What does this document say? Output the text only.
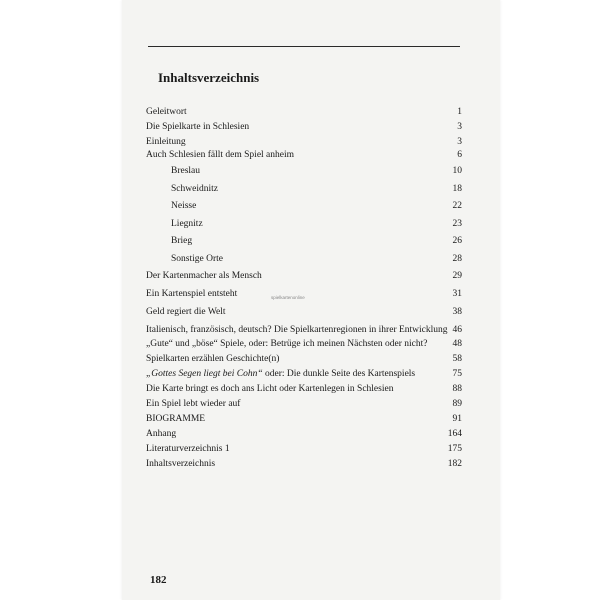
Inhaltsverzeichnis
Geleitwort	1
Die Spielkarte in Schlesien	3
Einleitung	3
Auch Schlesien fällt dem Spiel anheim	6
Breslau	10
Schweidnitz	18
Neisse	22
Liegnitz	23
Brieg	26
Sonstige Orte	28
Der Kartenmacher als Mensch	29
Ein Kartenspiel entsteht	31
Geld regiert die Welt	38
Italienisch, französisch, deutsch? Die Spielkartenregionen in ihrer Entwicklung 46
„Gute“ und „böse“ Spiele, oder: Betrüge ich meinen Nächsten oder nicht?	48
Spielkarten erzählen Geschichte(n)	58
„Gottes Segen liegt bei Cohn“ oder: Die dunkle Seite des Kartenspiels	75
Die Karte bringt es doch ans Licht oder Kartenlegen in Schlesien	88
Ein Spiel lebt wieder auf	89
BIOGRAMME	91
Anhang	164
Literaturverzeichnis 1	175
Inhaltsverzeichnis	182
spielkartenonline
182
